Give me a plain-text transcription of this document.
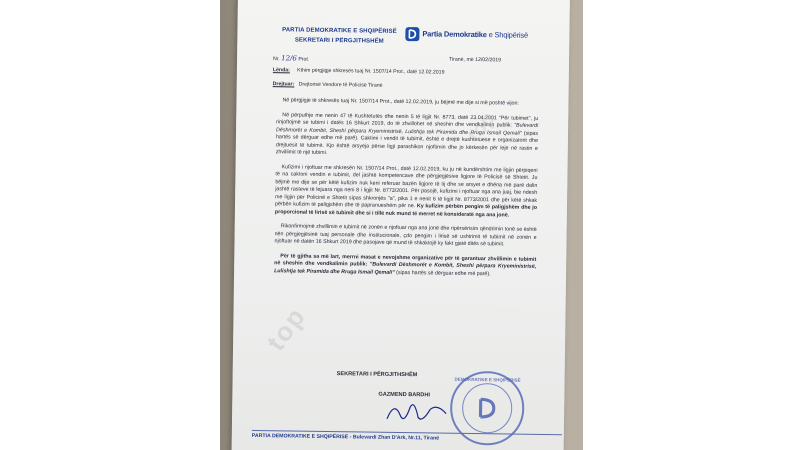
PARTIA DEMOKRATIKE E SHQIPËRISË
SEKRETARI I PËRGJITHSHËM
Partia Demokratike e Shqipërisë
Nr. 12/6 Prot.	Tiranë, më 12/02/2019
Lënda: Kthim përgjigje shkresës tuaj Nr. 1507/14 Prot., datë 12.02.2019
Drejtuar: Drejtorisë Vendore të Policisë Tiranë

Në përgjigje të shkresës tuaj Nr. 1507/14 Prot., datë 12.02.2019, ju bëjmë me dije si më poshtë vijon:

Në përputhje me nenin 47 të Kushtetutës dhe nenin 5 të ligjit Nr. 8773, datë 23.04.2001 "Për tubimet", ju rinjoftojmë se tubimi i datës 16 Shkurt 2019, do të zhvillohet në sheshin dhe vendkalimin publik: "Bulevardi Dëshmorët e Kombit, Sheshi përpara Kryeministrisë, Lulishtja tek Piramida dhe Rruga Ismail Qemali" (sipas hartës së dërguar edhe më parë). Caktimi i vendit të tubimit, është e drejtë kushtetuese e organizatorit dhe drejtuesit të tubimit. Kjo është arsyeja përse ligji parashikon njoftimin dhe jo kërkesën për leje në rastin e zhvillimit të një tubimi.

Kufizimi i njoftuar me shkresën Nr. 1507/14 Prot., datë 12.02.2019, ku ju në kundërshtim me ligjin përpiqeni të na caktoni vendin e tubimit, del jashtë kompetencave dhe përgjegjësive ligjore të Policisë së Shtetit. Ju bëjmë me dije se për këtë kufizim nuk keni referuar bazën ligjore të tij dhe se arsyet e dhëna më parë dalin jashtë rasteve të lejuara nga neni 8 i ligjit Nr. 8773/2001. Për pasojë, kufizimi i njoftuar nga ana juaj, bie ndesh me ligjin për Policinë e Shtetit sipas shkronjës "a", pika 1 e nenit 6 të ligjit Nr. 8773/2001 dhe për këtë shkak përbën kufizim të paligjshëm dhe të papranueshëm për ne. Ky kufizim përbën pengim të paligjshëm dhe jo proporcional të lirisë së tubimit dhe si i tillë nuk mund të merret në konsideratë nga ana jonë.

Rikonfirmojmë zhvillimin e tubimit në zonën e njoftuar nga ana jonë dhe ripërsërisim qëndrimin tonë se është nën përgjegjësinë tuaj personale dhe institucionale, çdo pengim i lirisë së ushtrimit të tubimit në zonën e njoftuar në datën 16 Shkurt 2019 dhe pasojave që mund të shkaktojë ky fakt gjatë ditës së tubimit.

Për të gjitha sa më lart, merrni masat e nevojshme organizative për të garantuar zhvillimin e tubimit në sheshin dhe vendkalimin publik: "Bulevardi Dëshmorët e Kombit, Sheshi përpara Kryeministrisë, Lulishtja tek Piramida dhe Rruga Ismail Qemali" (sipas hartës së dërguar edhe më parë).

SEKRETARI I PËRGJITHSHËM
GAZMEND BARDHI
DEMOKRATIKE E SHQIPËRISË
top
top
PARTIA DEMOKRATIKE E SHQIPËRISË - Bulevardi Zhan D'Ark, Nr.11, Tiranë
